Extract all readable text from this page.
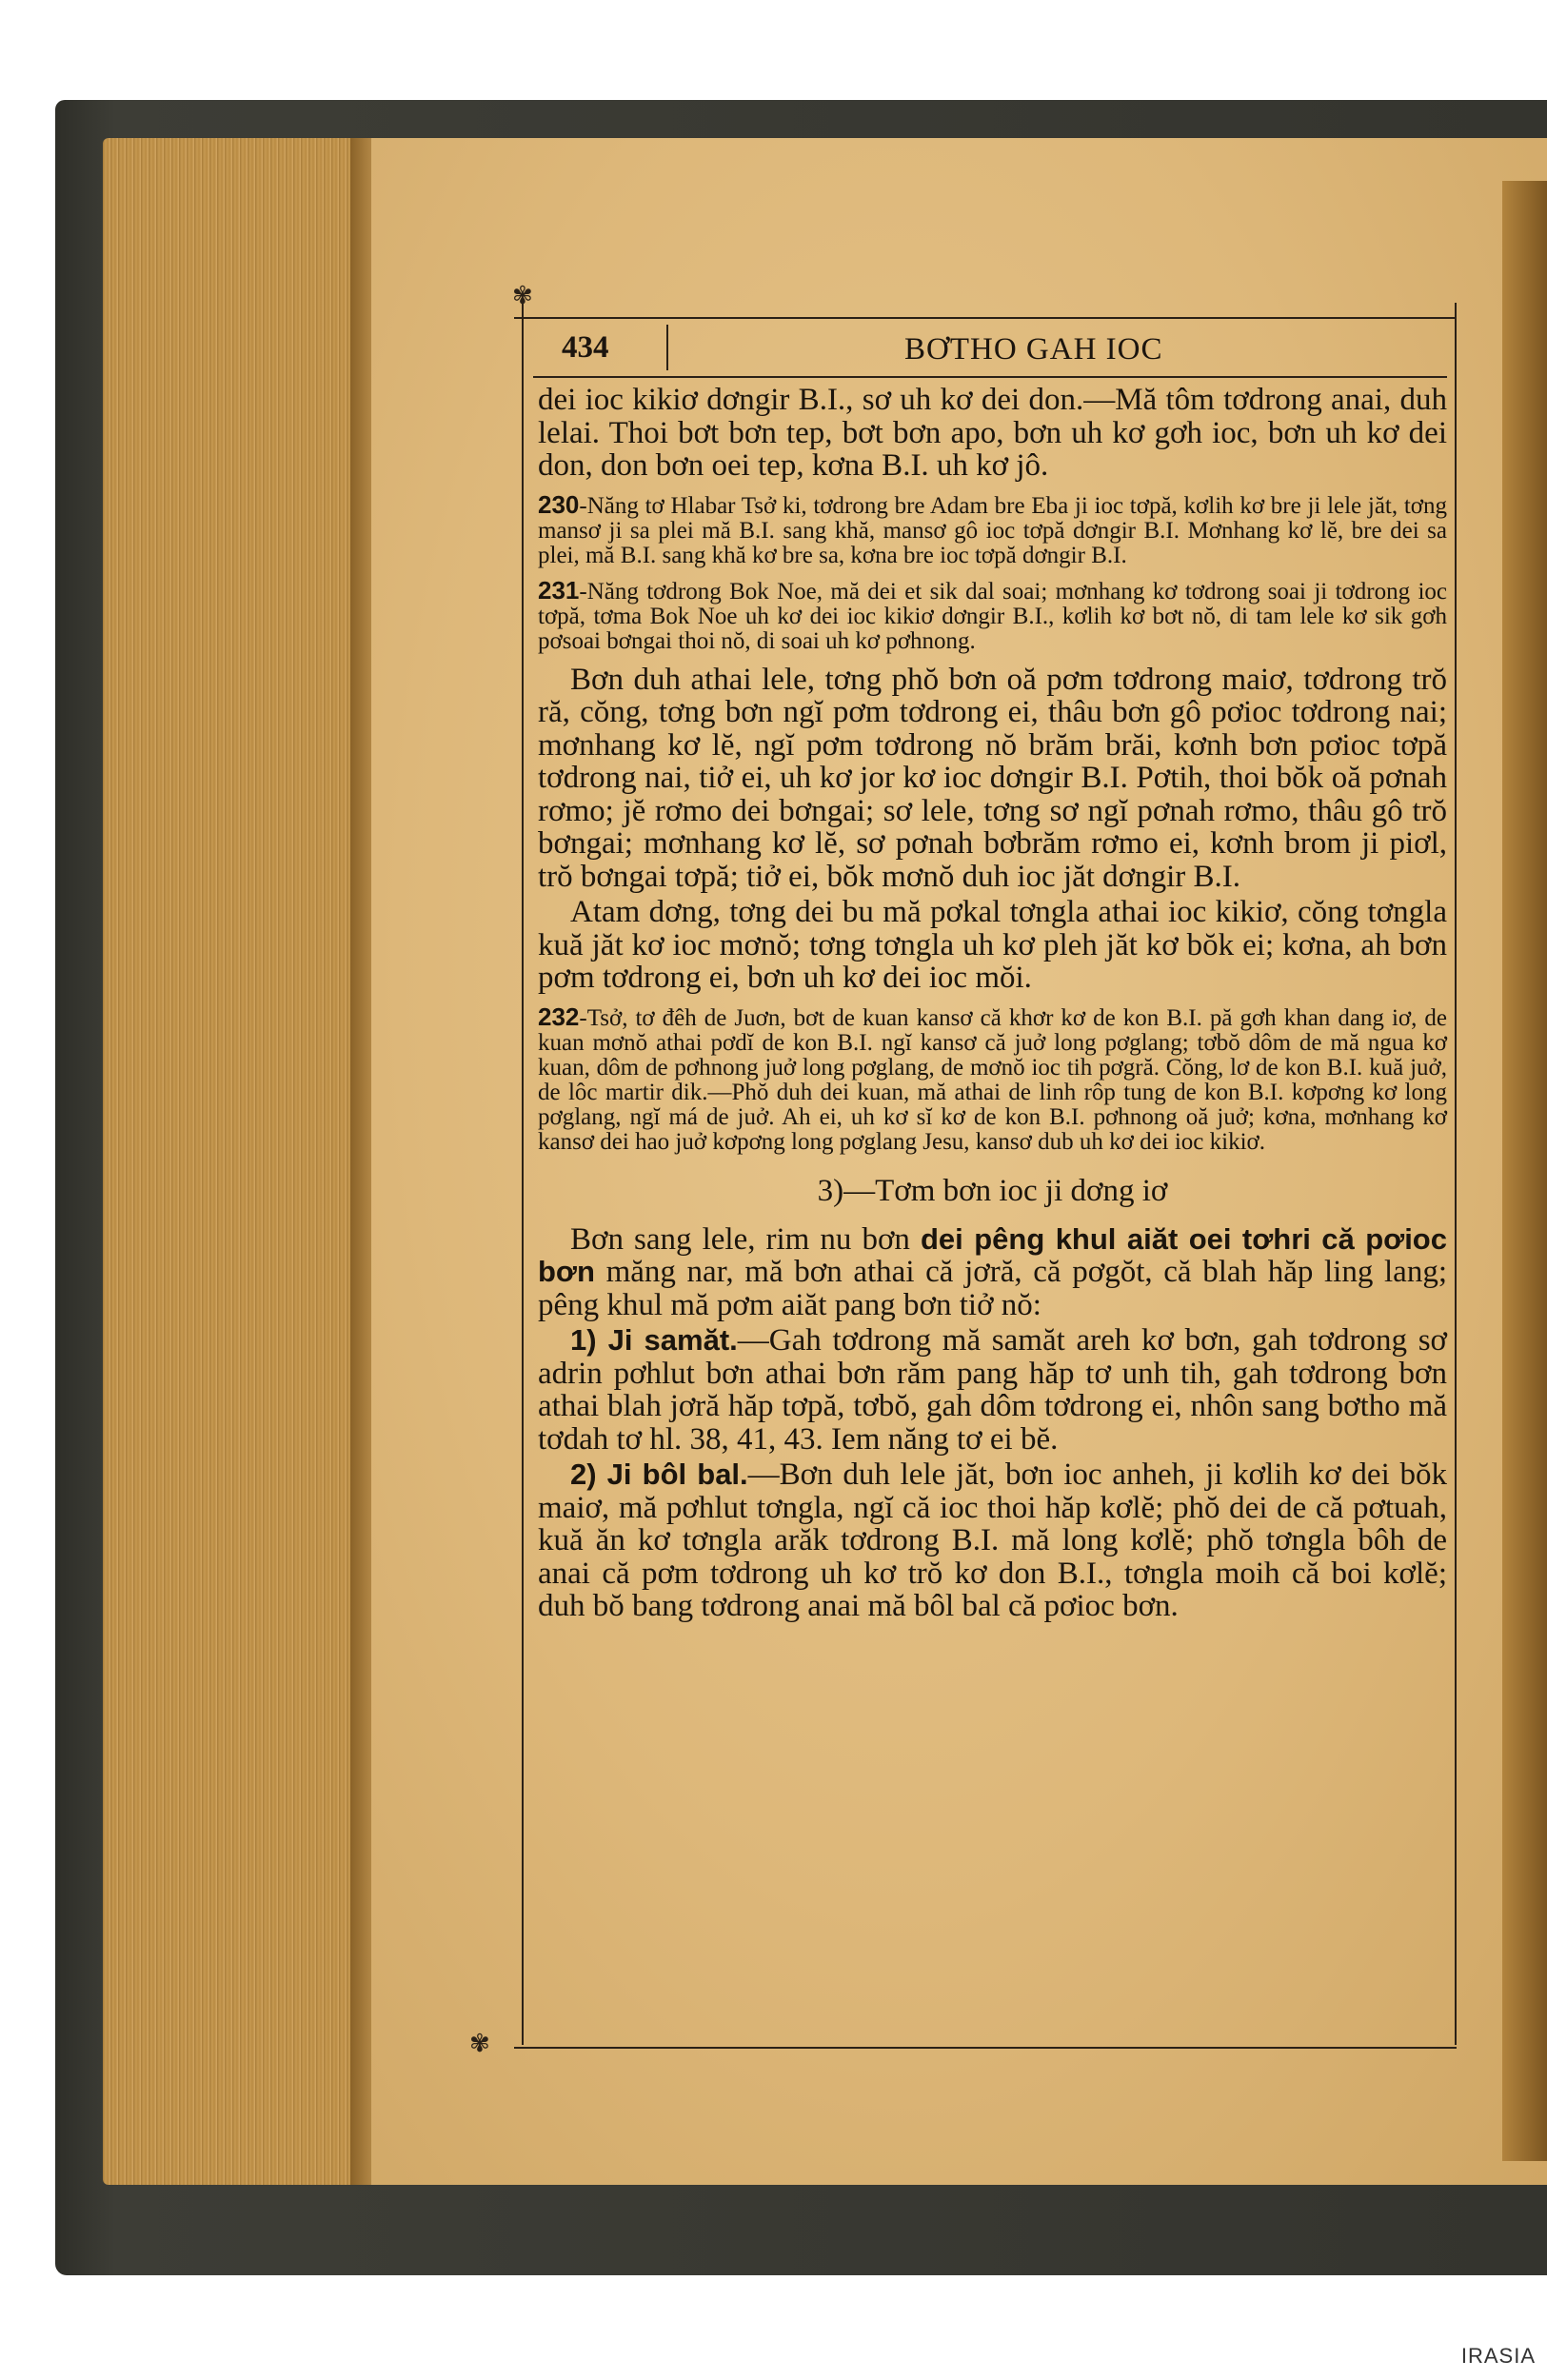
✾
✾
434	BƠTHO GAH IOC

dei ioc kikiơ dơngir B.I., sơ uh kơ dei don.—Mă tôm tơdrong anai, duh lelai. Thoi bơt bơn tep, bơt bơn apo, bơn uh kơ gơh ioc, bơn uh kơ dei don, don bơn oei tep, kơna B.I. uh kơ jô.

230-Năng tơ Hlabar Tsở ki, tơdrong bre Adam bre Eba ji ioc tơpă, kơlih kơ bre ji lele jăt, tơng mansơ ji sa plei mă B.I. sang khă, mansơ gô ioc tơpă dơngir B.I. Mơnhang kơ lĕ, bre dei sa plei, mă B.I. sang khă kơ bre sa, kơna bre ioc tơpă dơngir B.I.

231-Năng tơdrong Bok Noe, mă dei et sik dal soai; mơnhang kơ tơdrong soai ji tơdrong ioc tơpă, tơma Bok Noe uh kơ dei ioc kikiơ dơngir B.I., kơlih kơ bơt nŏ, di tam lele kơ sik gơh pơsoai bơngai thoi nŏ, di soai uh kơ pơhnong.

Bơn duh athai lele, tơng phŏ bơn oă pơm tơdrong maiơ, tơdrong trŏ ră, cŏng, tơng bơn ngĭ pơm tơdrong ei, thâu bơn gô pơioc tơdrong nai; mơnhang kơ lĕ, ngĭ pơm tơdrong nŏ brăm brăi, kơnh bơn pơioc tơpă tơdrong nai, tiở ei, uh kơ jor kơ ioc dơngir B.I. Pơtih, thoi bŏk oă pơnah rơmo; jĕ rơmo dei bơngai; sơ lele, tơng sơ ngĭ pơnah rơmo, thâu gô trŏ bơngai; mơnhang kơ lĕ, sơ pơnah bơbrăm rơmo ei, kơnh brom ji piơl, trŏ bơngai tơpă; tiở ei, bŏk mơnŏ duh ioc jăt dơngir B.I.

Atam dơng, tơng dei bu mă pơkal tơngla athai ioc kikiơ, cŏng tơngla kuă jăt kơ ioc mơnŏ; tơng tơngla uh kơ pleh jăt kơ bŏk ei; kơna, ah bơn pơm tơdrong ei, bơn uh kơ dei ioc mŏi.

232-Tsở, tơ đêh de Juơn, bơt de kuan kansơ că khơr kơ de kon B.I. pă gơh khan dang iơ, de kuan mơnŏ athai pơdĭ de kon B.I. ngĭ kansơ că juở long pơglang; tơbŏ dôm de mă ngua kơ kuan, dôm de pơhnong juở long pơglang, de mơnŏ ioc tih pơgră. Cŏng, lơ de kon B.I. kuă juở, de lôc martir dik.—Phŏ duh dei kuan, mă athai de linh rôp tung de kon B.I. kơpơng kơ long pơglang, ngĭ má de juở. Ah ei, uh kơ sĭ kơ de kon B.I. pơhnong oă juở; kơna, mơnhang kơ kansơ dei hao juở kơpơng long pơglang Jesu, kansơ dub uh kơ dei ioc kikiơ.

3)—Tơm bơn ioc ji dơng iơ

Bơn sang lele, rim nu bơn dei pêng khul aiăt oei tơhri că pơioc bơn măng nar, mă bơn athai că jơră, că pơgŏt, că blah hăp ling lang; pêng khul mă pơm aiăt pang bơn tiở nŏ:

1) Ji samăt.—Gah tơdrong mă samăt areh kơ bơn, gah tơdrong sơ adrin pơhlut bơn athai bơn răm pang hăp tơ unh tih, gah tơdrong bơn athai blah jơră hăp tơpă, tơbŏ, gah dôm tơdrong ei, nhôn sang bơtho mă tơdah tơ hl. 38, 41, 43. Iem năng tơ ei bĕ.

2) Ji bôl bal.—Bơn duh lele jăt, bơn ioc anheh, ji kơlih kơ dei bŏk maiơ, mă pơhlut tơngla, ngĭ că ioc thoi hăp kơlĕ; phŏ dei de că pơtuah, kuă ăn kơ tơngla arăk tơdrong B.I. mă long kơlĕ; phŏ tơngla bôh de anai că pơm tơdrong uh kơ trŏ kơ don B.I., tơngla moih că boi kơlĕ; duh bŏ bang tơdrong anai mă bôl bal că pơioc bơn.

IRASIA
